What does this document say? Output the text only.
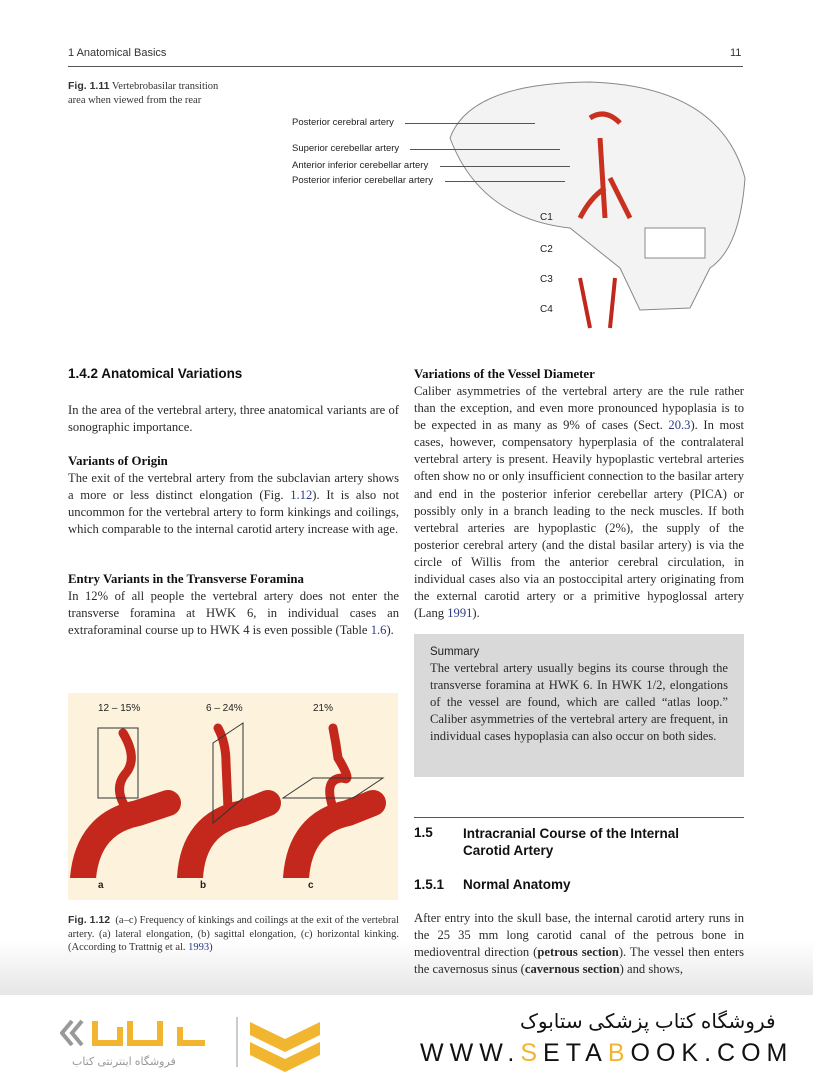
1 Anatomical Basics	11
Fig. 1.11 Vertebrobasilar transition area when viewed from the rear
Posterior cerebral artery
Superior cerebellar artery
Anterior inferior cerebellar artery
Posterior inferior cerebellar artery
C1
C2
C3
C4
1.4.2 Anatomical Variations
In the area of the vertebral artery, three anatomical variants are of sonographic importance.
Variants of Origin
The exit of the vertebral artery from the subclavian artery shows a more or less distinct elongation (Fig. 1.12). It is also not uncommon for the vertebral artery to form kinkings and coilings, which comparable to the internal carotid artery increase with age.
Entry Variants in the Transverse Foramina
In 12% of all people the vertebral artery does not enter the transverse foramina at HWK 6, in individual cases an extraforaminal course up to HWK 4 is even possible (Table 1.6).
Variations of the Vessel Diameter
Caliber asymmetries of the vertebral artery are the rule rather than the exception, and even more pronounced hypoplasia is to be expected in as many as 9% of cases (Sect. 20.3). In most cases, however, compensatory hyperplasia of the contralateral vertebral artery is present. Heavily hypoplastic vertebral arteries often show no or only insufficient connection to the basilar artery and end in the posterior inferior cerebellar artery (PICA) or possibly only in a branch leading to the neck muscles. If both vertebral arteries are hypoplastic (2%), the supply of the posterior cerebral artery (and the distal basilar artery) is via the circle of Willis from the anterior cerebral circulation, in individual cases also via an postoccipital artery originating from the external carotid artery or a primitive hypoglossal artery (Lang 1991).
12 – 15%	6 – 24%	21%
a	b	c
Summary
The vertebral artery usually begins its course through the transverse foramina at HWK 6. In HWK 1/2, elongations of the vessel are found, which are called “atlas loop.” Caliber asymmetries of the vertebral artery are frequent, in individual cases hypoplasia can also occur on both sides.
1.5 Intracranial Course of the Internal Carotid Artery
1.5.1 Normal Anatomy
Fig. 1.12 (a–c) Frequency of kinkings and coilings at the exit of the vertebral artery. (a) lateral elongation, (b) sagittal elongation, (c) horizontal kinking. (According to Trattnig et al. 1993)
After entry into the skull base, the internal carotid artery runs in the 25 35 mm long carotid canal of the petrous bone in medioventral direction (petrous section). The vessel then enters the cavernosus sinus (cavernous section) and shows,
فروشگاه اینترنتی کتاب
فروشگاه کتاب پزشکی ستابوک
WWW.SETABOOK.COM
